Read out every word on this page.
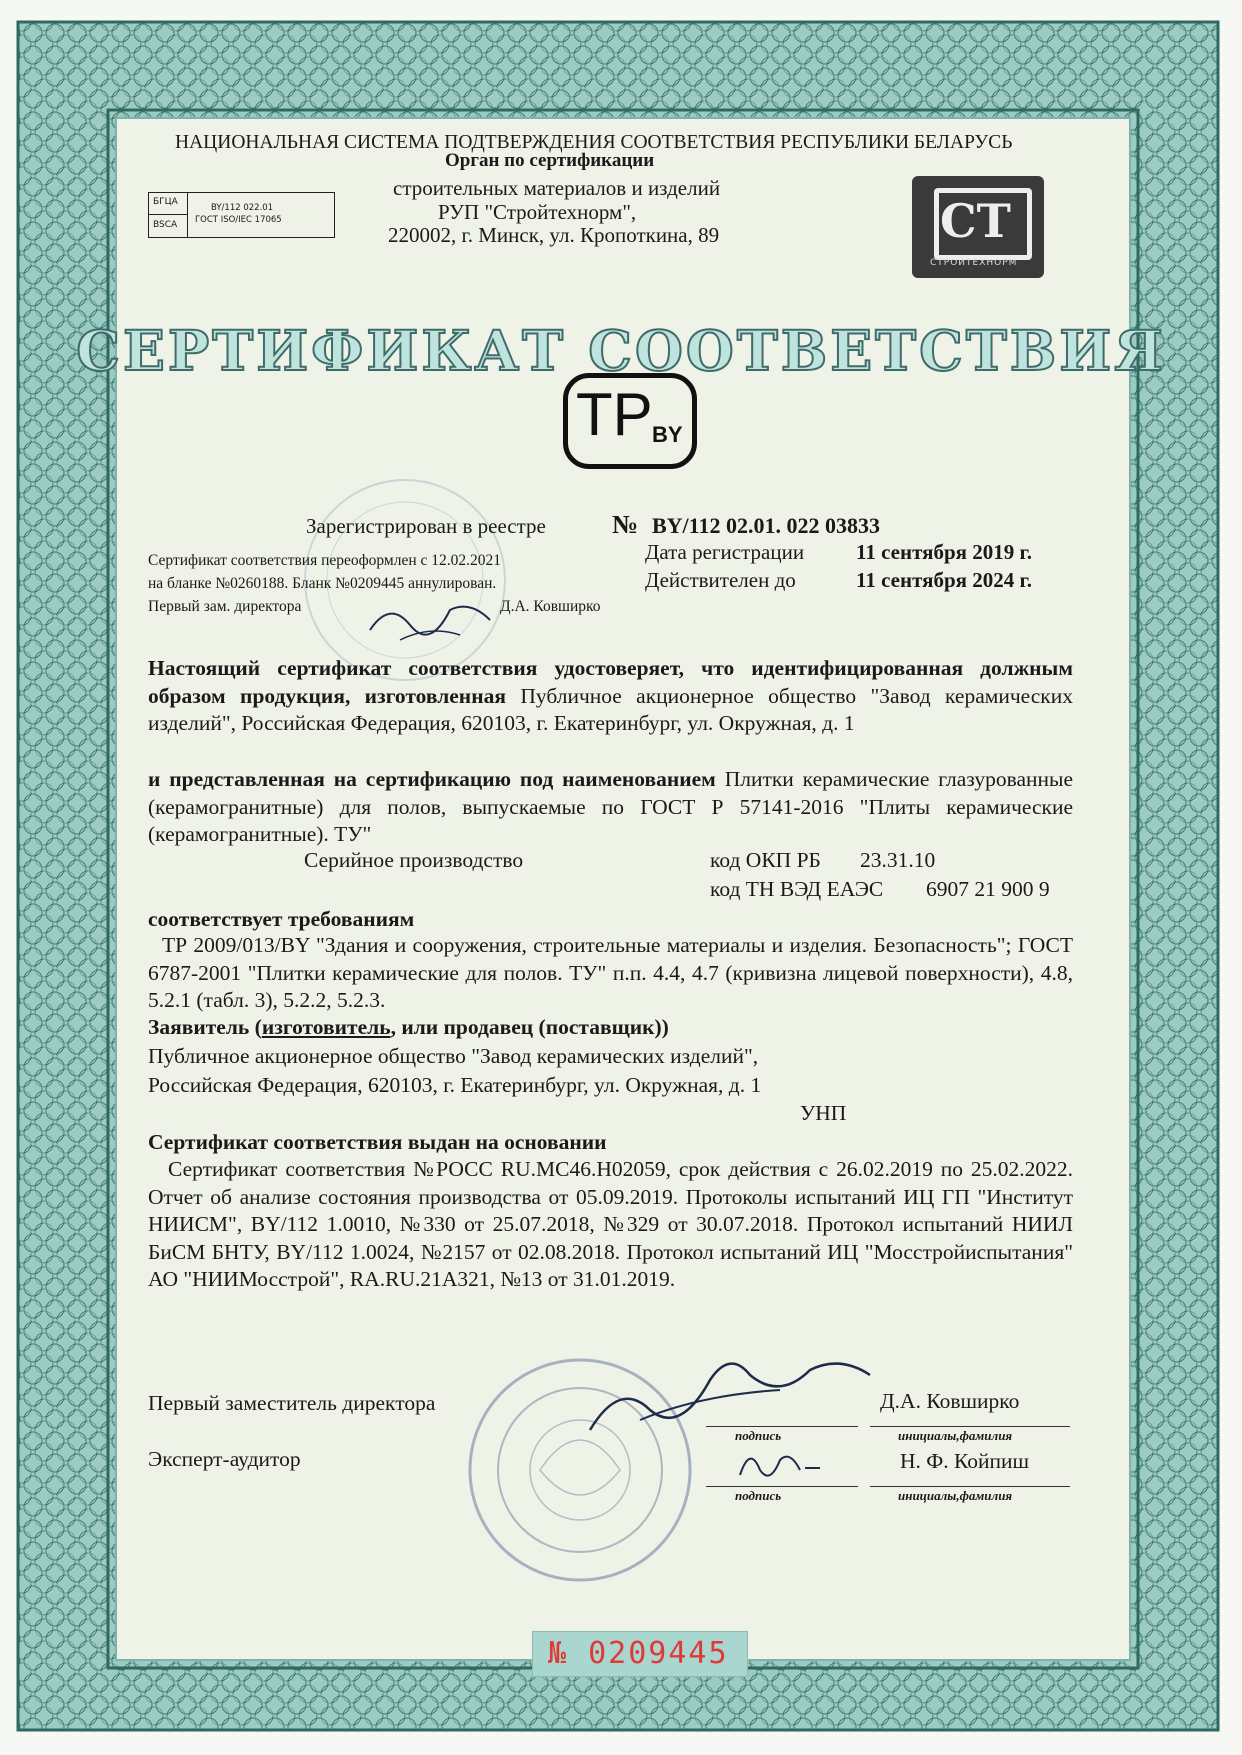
НАЦИОНАЛЬНАЯ СИСТЕМА ПОДТВЕРЖДЕНИЯ СООТВЕТСТВИЯ РЕСПУБЛИКИ БЕЛАРУСЬ
Орган по сертификации
строительных материалов и изделий
РУП "Стройтехнорм",
220002, г. Минск, ул. Кропоткина, 89
БГЦА
BSCA
BY/112 022.01
ГОСТ ISO/IEC 17065	СТ
СТРОЙТЕХНОРМ
СЕРТИФИКАТ СООТВЕТСТВИЯ
TP BY
Зарегистрирован в реестре	№ BY/112 02.01. 022 03833
Сертификат соответствия переоформлен с 12.02.2021
на бланке №0260188. Бланк №0209445 аннулирован.
Первый зам. директора	Д.А. Ковширко
Дата регистрации 11 сентября 2019 г.
Действителен до	11 сентября 2024 г.
Настоящий сертификат соответствия удостоверяет, что идентифицированная должным образом продукция, изготовленная Публичное акционерное общество "Завод керамических изделий", Российская Федерация, 620103, г. Екатеринбург, ул. Окружная, д. 1
и представленная на сертификацию под наименованием Плитки керамические глазурованные (керамогранитные) для полов, выпускаемые по ГОСТ Р 57141-2016 "Плиты керамические (керамогранитные). ТУ"
Серийное производство	код ОКП РБ 23.31.10
код ТН ВЭД ЕАЭС 6907 21 900 9
соответствует требованиям
ТР 2009/013/BY "Здания и сооружения, строительные материалы и изделия. Безопасность"; ГОСТ 6787-2001 "Плитки керамические для полов. ТУ" п.п. 4.4, 4.7 (кривизна лицевой поверхности), 4.8, 5.2.1 (табл. 3), 5.2.2, 5.2.3.
Заявитель (изготовитель, или продавец (поставщик))
Публичное акционерное общество "Завод керамических изделий",
Российская Федерация, 620103, г. Екатеринбург, ул. Окружная, д. 1
УНП
Сертификат соответствия выдан на основании
Сертификат соответствия №РОСС RU.МС46.Н02059, срок действия с 26.02.2019 по 25.02.2022. Отчет об анализе состояния производства от 05.09.2019. Протоколы испытаний ИЦ ГП "Институт НИИСМ", BY/112 1.0010, №330 от 25.07.2018, №329 от 30.07.2018. Протокол испытаний НИИЛ БиСМ БНТУ, BY/112 1.0024, №2157 от 02.08.2018. Протокол испытаний ИЦ "Мосстройиспытания" АО "НИИМосстрой", RA.RU.21A321, №13 от 31.01.2019.
Первый заместитель директора	Д.А. Ковширко
подпись	инициалы,фамилия
Эксперт-аудитор	Н. Ф. Койпиш
подпись	инициалы,фамилия
№ 0209445
